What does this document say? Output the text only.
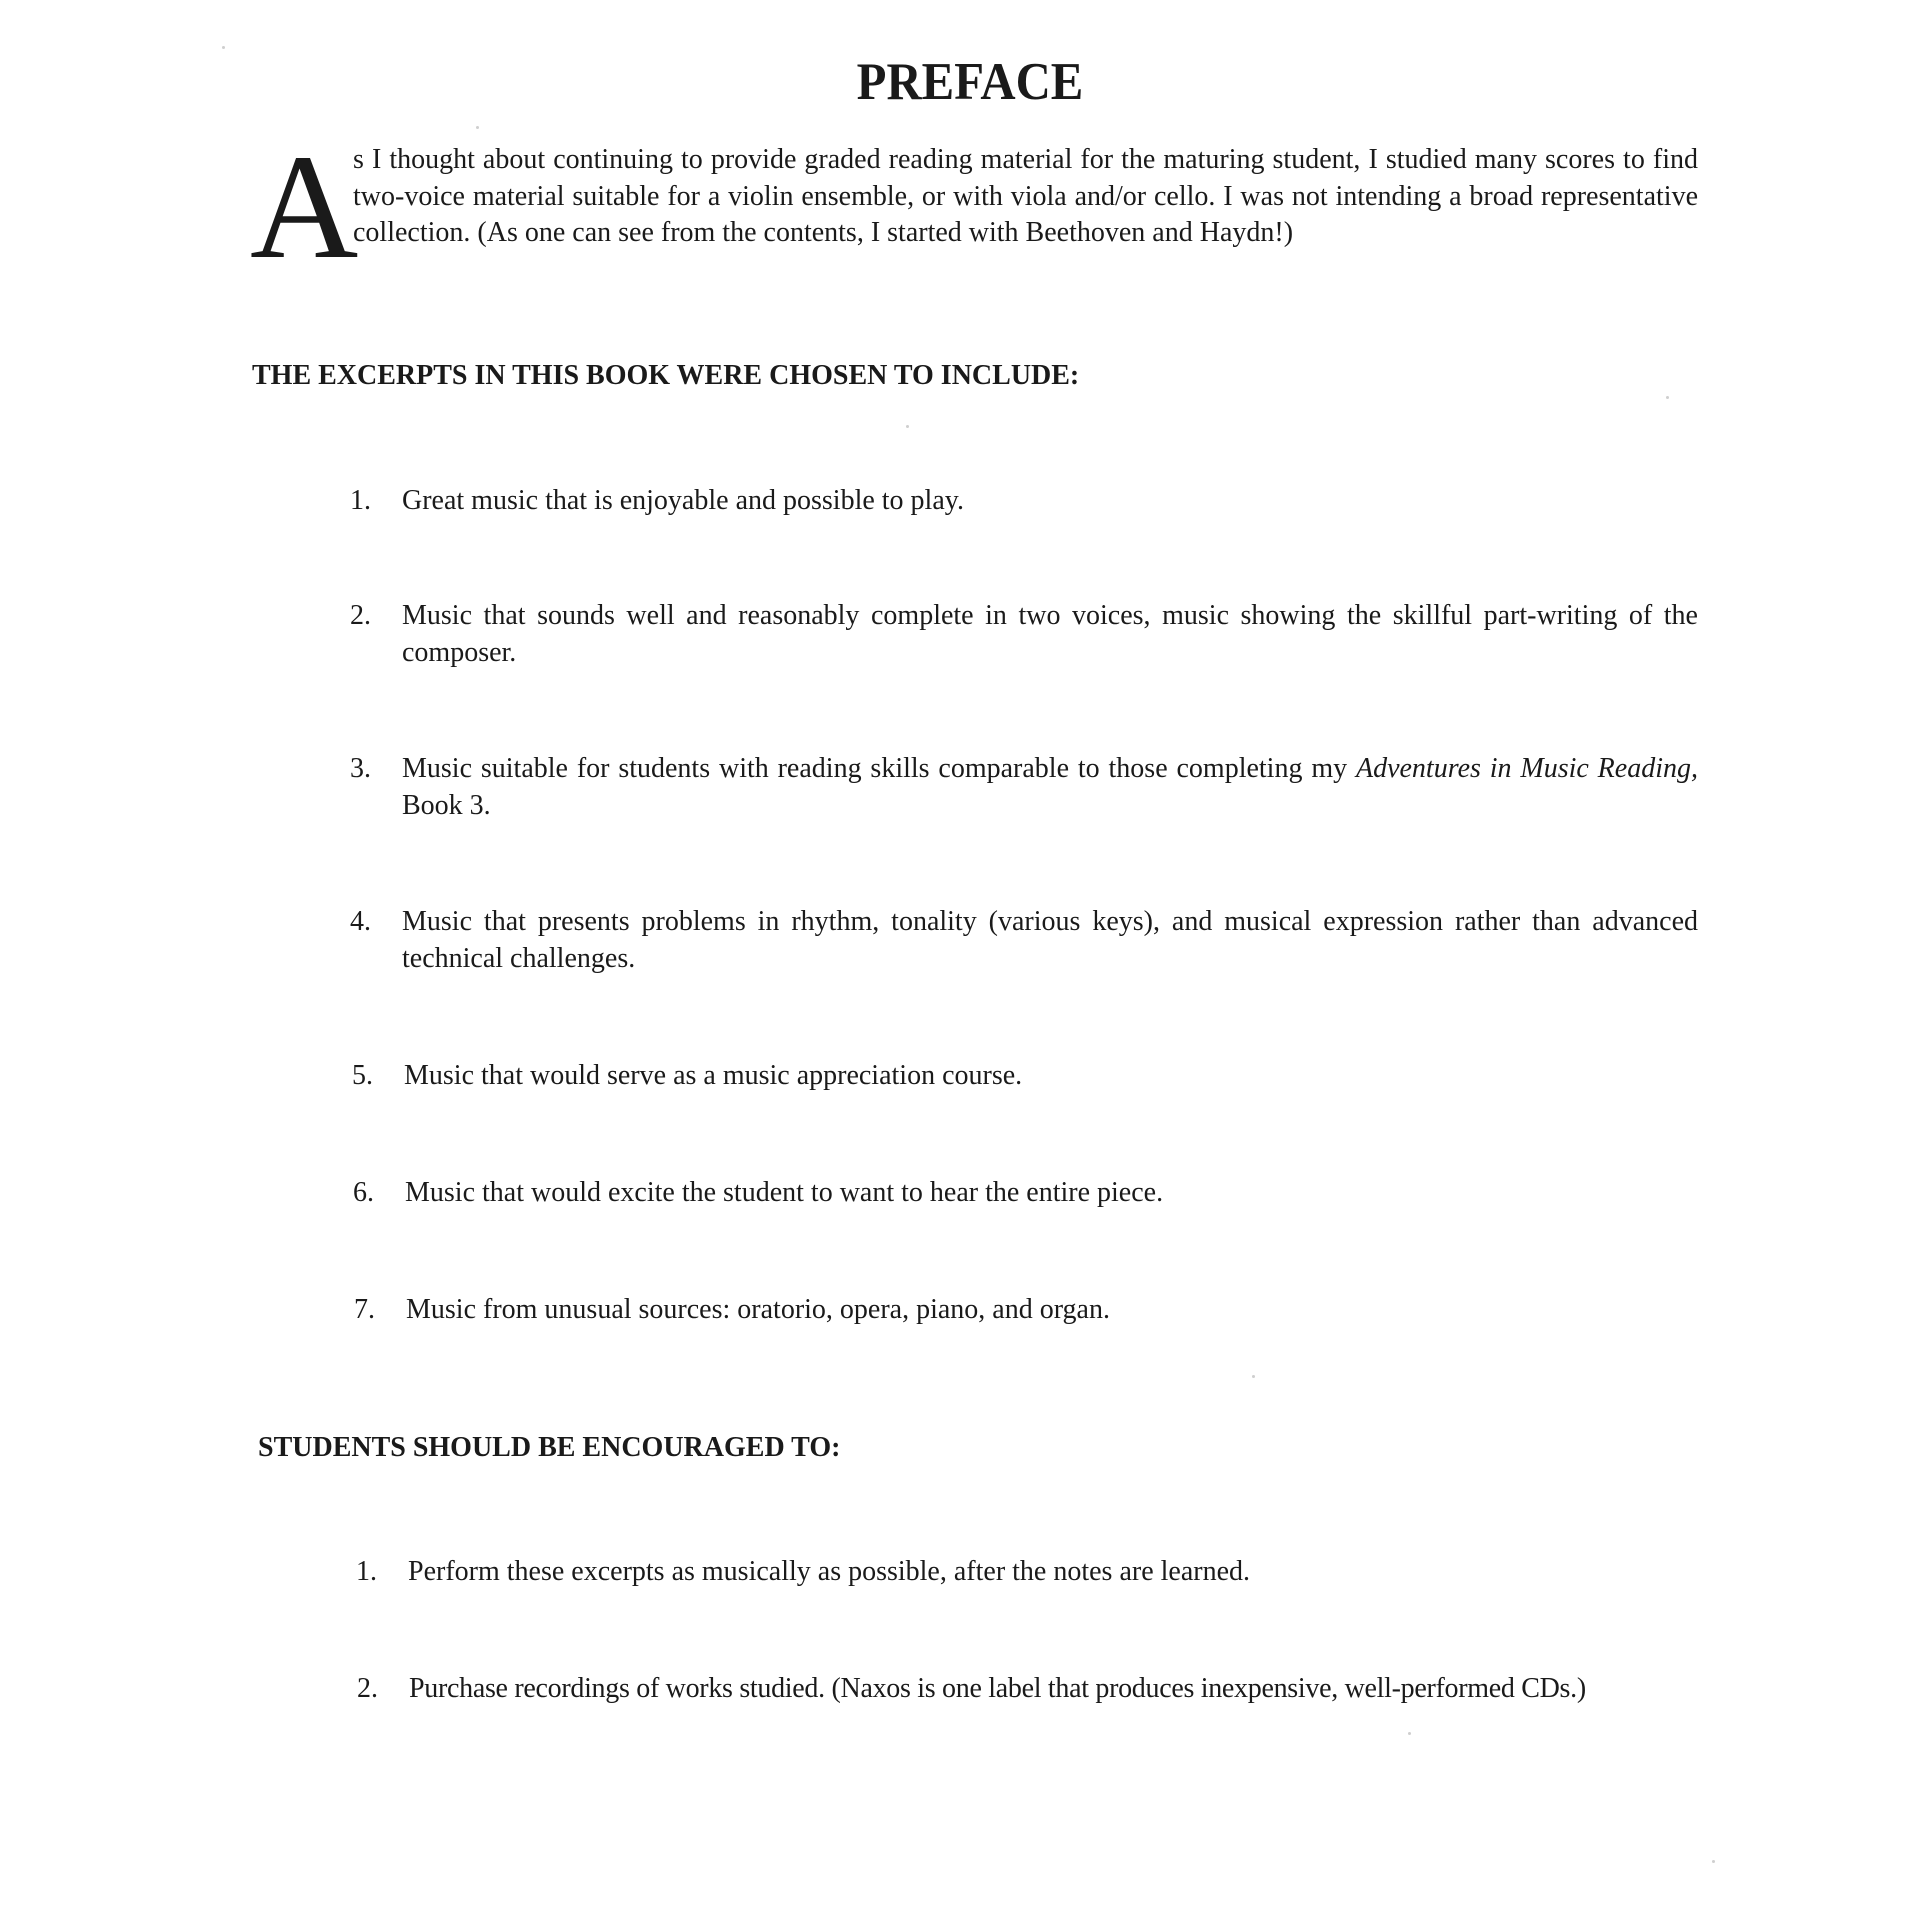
PREFACE
A
s I thought about continuing to provide graded reading material for the maturing student, I studied many scores to find two-voice material suitable for a violin ensemble, or with viola and/or cello. I was not intending a broad representative collection. (As one can see from the contents, I started with Beethoven and Haydn!)
THE EXCERPTS IN THIS BOOK WERE CHOSEN TO INCLUDE:
1.	Great music that is enjoyable and possible to play.
2.	Music that sounds well and reasonably complete in two voices, music showing the skillful part-writing of the composer.
3.	Music suitable for students with reading skills comparable to those completing my Adventures in Music Reading, Book 3.
4.	Music that presents problems in rhythm, tonality (various keys), and musical expression rather than advanced technical challenges.
5.	Music that would serve as a music appreciation course.
6.	Music that would excite the student to want to hear the entire piece.
7.	Music from unusual sources: oratorio, opera, piano, and organ.
STUDENTS SHOULD BE ENCOURAGED TO:
1.	Perform these excerpts as musically as possible, after the notes are learned.
2.	Purchase recordings of works studied. (Naxos is one label that produces inexpensive, well-performed CDs.)
